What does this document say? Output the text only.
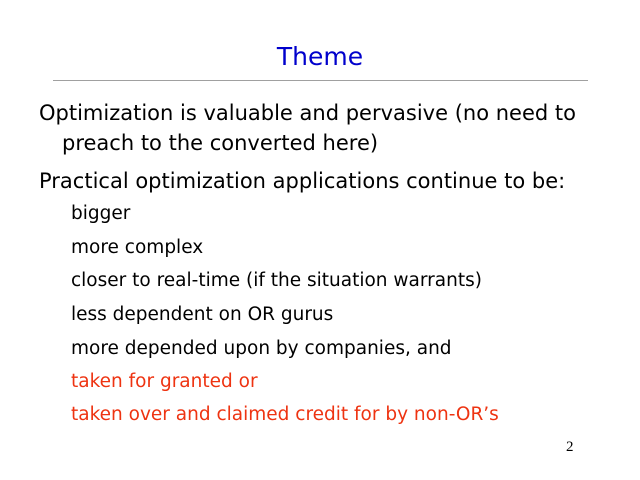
Theme
Optimization is valuable and pervasive (no need to
preach to the converted here)
Practical optimization applications continue to be:
bigger
more complex
closer to real-time (if the situation warrants)
less dependent on OR gurus
more depended upon by companies, and
taken for granted or
taken over and claimed credit for by non-OR’s
2
